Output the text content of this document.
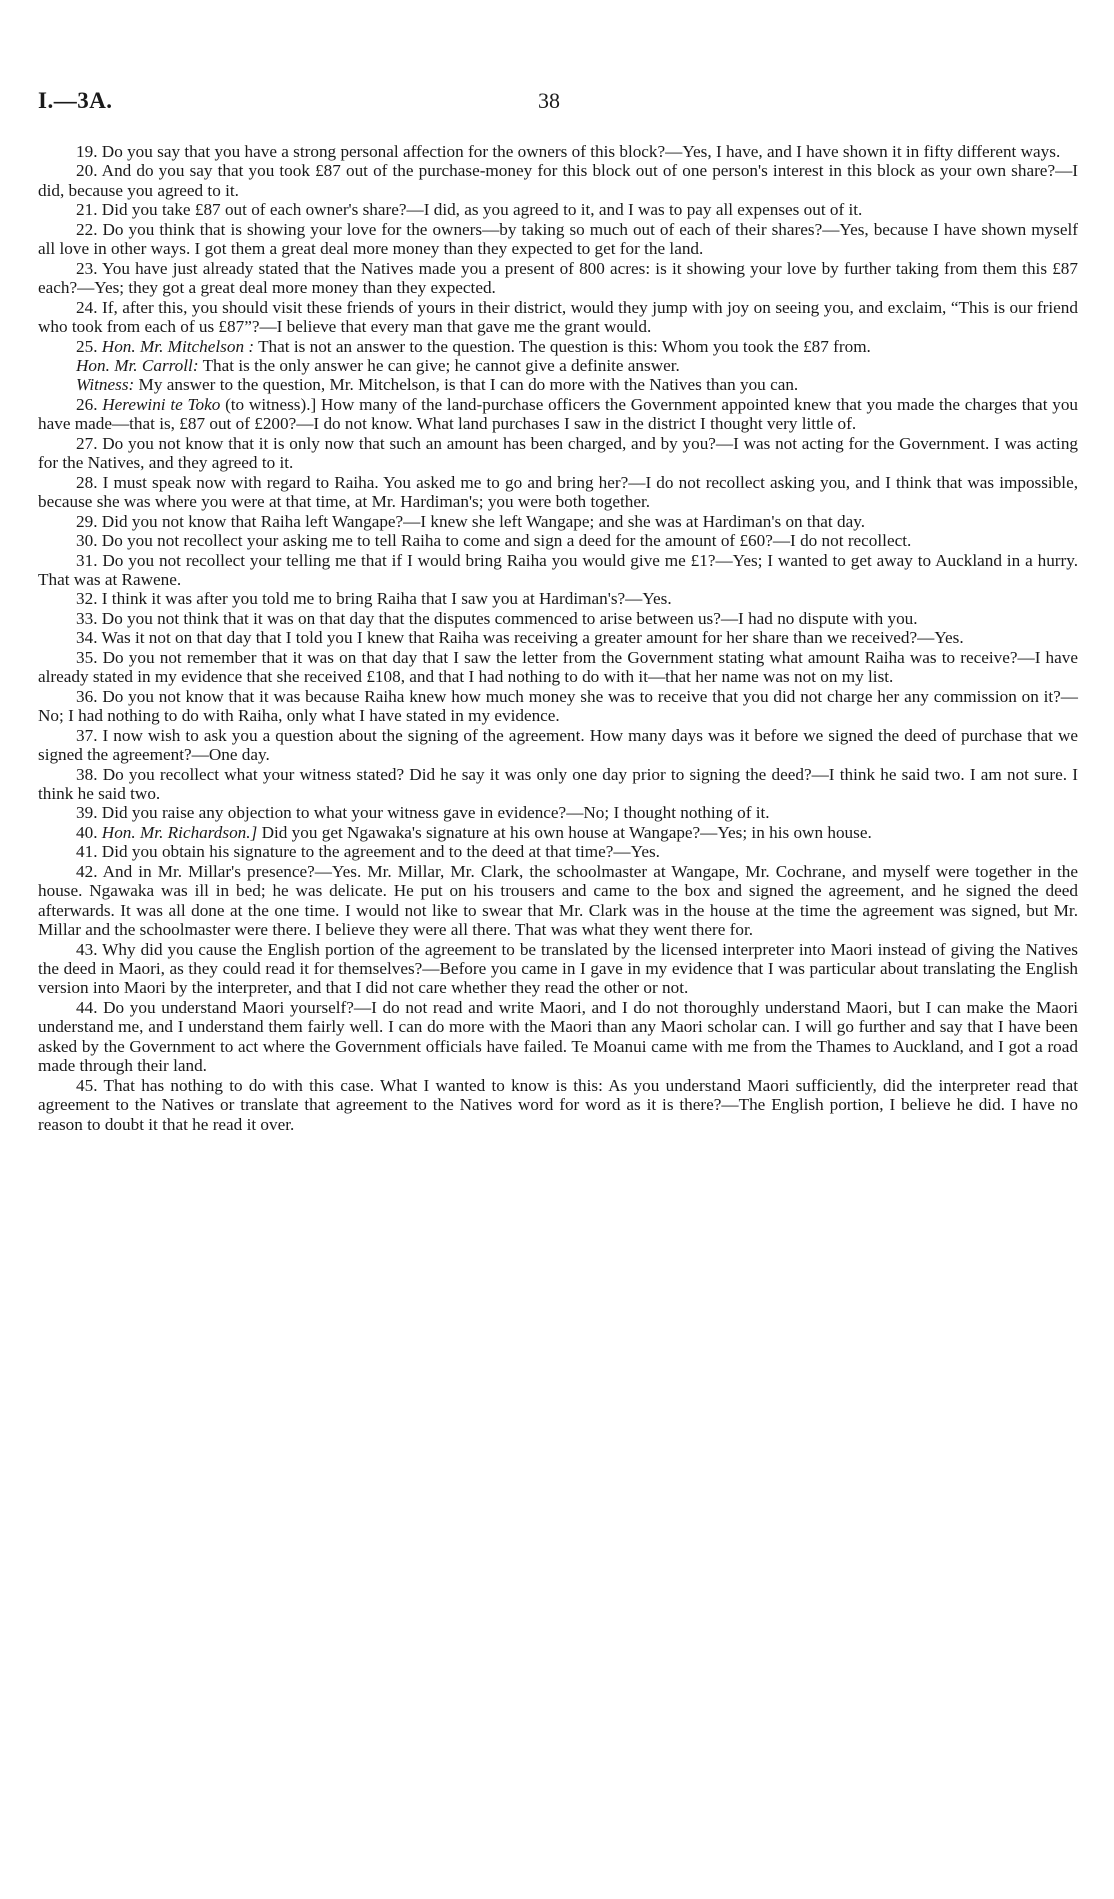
I.—3A.	38

19. Do you say that you have a strong personal affection for the owners of this block?—Yes, I have, and I have shown it in fifty different ways.

20. And do you say that you took £87 out of the purchase-money for this block out of one person's interest in this block as your own share?—I did, because you agreed to it.

21. Did you take £87 out of each owner's share?—I did, as you agreed to it, and I was to pay all expenses out of it.

22. Do you think that is showing your love for the owners—by taking so much out of each of their shares?—Yes, because I have shown myself all love in other ways. I got them a great deal more money than they expected to get for the land.

23. You have just already stated that the Natives made you a present of 800 acres: is it showing your love by further taking from them this £87 each?—Yes; they got a great deal more money than they expected.

24. If, after this, you should visit these friends of yours in their district, would they jump with joy on seeing you, and exclaim, “This is our friend who took from each of us £87”?—I believe that every man that gave me the grant would.

25. Hon. Mr. Mitchelson : That is not an answer to the question. The question is this: Whom you took the £87 from.

Hon. Mr. Carroll: That is the only answer he can give; he cannot give a definite answer.

Witness: My answer to the question, Mr. Mitchelson, is that I can do more with the Natives than you can.

26. Herewini te Toko (to witness).] How many of the land-purchase officers the Government appointed knew that you made the charges that you have made—that is, £87 out of £200?—I do not know. What land purchases I saw in the district I thought very little of.

27. Do you not know that it is only now that such an amount has been charged, and by you?—I was not acting for the Government. I was acting for the Natives, and they agreed to it.

28. I must speak now with regard to Raiha. You asked me to go and bring her?—I do not recollect asking you, and I think that was impossible, because she was where you were at that time, at Mr. Hardiman's; you were both together.

29. Did you not know that Raiha left Wangape?—I knew she left Wangape; and she was at Hardiman's on that day.

30. Do you not recollect your asking me to tell Raiha to come and sign a deed for the amount of £60?—I do not recollect.

31. Do you not recollect your telling me that if I would bring Raiha you would give me £1?—Yes; I wanted to get away to Auckland in a hurry. That was at Rawene.

32. I think it was after you told me to bring Raiha that I saw you at Hardiman's?—Yes.

33. Do you not think that it was on that day that the disputes commenced to arise between us?—I had no dispute with you.

34. Was it not on that day that I told you I knew that Raiha was receiving a greater amount for her share than we received?—Yes.

35. Do you not remember that it was on that day that I saw the letter from the Government stating what amount Raiha was to receive?—I have already stated in my evidence that she received £108, and that I had nothing to do with it—that her name was not on my list.

36. Do you not know that it was because Raiha knew how much money she was to receive that you did not charge her any commission on it?—No; I had nothing to do with Raiha, only what I have stated in my evidence.

37. I now wish to ask you a question about the signing of the agreement. How many days was it before we signed the deed of purchase that we signed the agreement?—One day.

38. Do you recollect what your witness stated? Did he say it was only one day prior to signing the deed?—I think he said two. I am not sure. I think he said two.

39. Did you raise any objection to what your witness gave in evidence?—No; I thought nothing of it.

40. Hon. Mr. Richardson.] Did you get Ngawaka's signature at his own house at Wangape?—Yes; in his own house.

41. Did you obtain his signature to the agreement and to the deed at that time?—Yes.

42. And in Mr. Millar's presence?—Yes. Mr. Millar, Mr. Clark, the schoolmaster at Wangape, Mr. Cochrane, and myself were together in the house. Ngawaka was ill in bed; he was delicate. He put on his trousers and came to the box and signed the agreement, and he signed the deed afterwards. It was all done at the one time. I would not like to swear that Mr. Clark was in the house at the time the agreement was signed, but Mr. Millar and the schoolmaster were there. I believe they were all there. That was what they went there for.

43. Why did you cause the English portion of the agreement to be translated by the licensed interpreter into Maori instead of giving the Natives the deed in Maori, as they could read it for themselves?—Before you came in I gave in my evidence that I was particular about translating the English version into Maori by the interpreter, and that I did not care whether they read the other or not.

44. Do you understand Maori yourself?—I do not read and write Maori, and I do not thoroughly understand Maori, but I can make the Maori understand me, and I understand them fairly well. I can do more with the Maori than any Maori scholar can. I will go further and say that I have been asked by the Government to act where the Government officials have failed. Te Moanui came with me from the Thames to Auckland, and I got a road made through their land.

45. That has nothing to do with this case. What I wanted to know is this: As you understand Maori sufficiently, did the interpreter read that agreement to the Natives or translate that agreement to the Natives word for word as it is there?—The English portion, I believe he did. I have no reason to doubt it that he read it over.
